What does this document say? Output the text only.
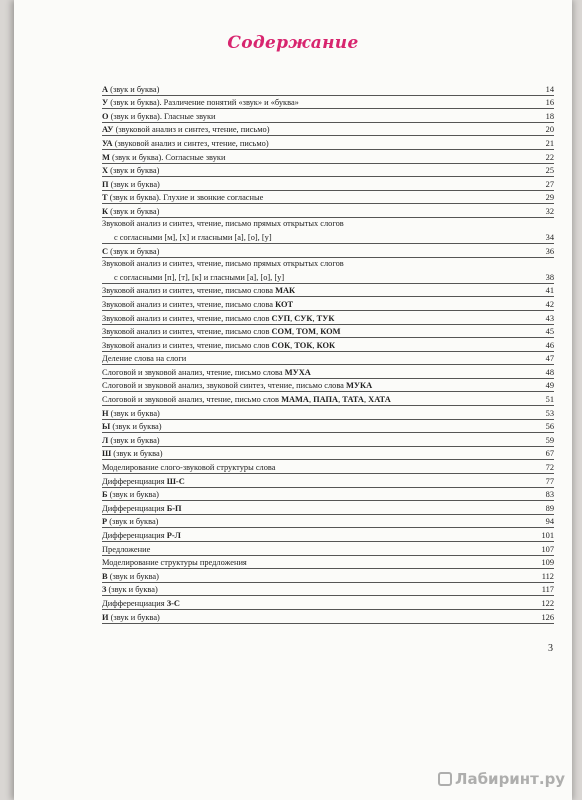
Содержание
А (звук и буква)	14
У (звук и буква). Различение понятий «звук» и «буква»	16
О (звук и буква). Гласные звуки	18
АУ (звуковой анализ и синтез, чтение, письмо)	20
УА (звуковой анализ и синтез, чтение, письмо)	21
М (звук и буква). Согласные звуки	22
Х (звук и буква)	25
П (звук и буква)	27
Т (звук и буква). Глухие и звонкие согласные	29
К (звук и буква)	32
Звуковой анализ и синтез, чтение, письмо прямых открытых слогов
с согласными [м], [х] и гласными [а], [о], [у]	34
С (звук и буква)	36
Звуковой анализ и синтез, чтение, письмо прямых открытых слогов
с согласными [п], [т], [к] и гласными [а], [о], [у]	38
Звуковой анализ и синтез, чтение, письмо слова МАК	41
Звуковой анализ и синтез, чтение, письмо слова КОТ	42
Звуковой анализ и синтез, чтение, письмо слов СУП, СУК, ТУК	43
Звуковой анализ и синтез, чтение, письмо слов СОМ, ТОМ, КОМ	45
Звуковой анализ и синтез, чтение, письмо слов СОК, ТОК, КОК	46
Деление слова на слоги	47
Слоговой и звуковой анализ, чтение, письмо слова МУХА	48
Слоговой и звуковой анализ, звуковой синтез, чтение, письмо слова МУКА	49
Слоговой и звуковой анализ, чтение, письмо слов МАМА, ПАПА, ТАТА, ХАТА	51
Н (звук и буква)	53
Ы (звук и буква)	56
Л (звук и буква)	59
Ш (звук и буква)	67
Моделирование слого-звуковой структуры слова	72
Дифференциация Ш-С	77
Б (звук и буква)	83
Дифференциация Б-П	89
Р (звук и буква)	94
Дифференциация Р-Л	101
Предложение	107
Моделирование структуры предложения	109
В (звук и буква)	112
З (звук и буква)	117
Дифференциация З-С	122
И (звук и буква)	126
3
Лабиринт.ру
